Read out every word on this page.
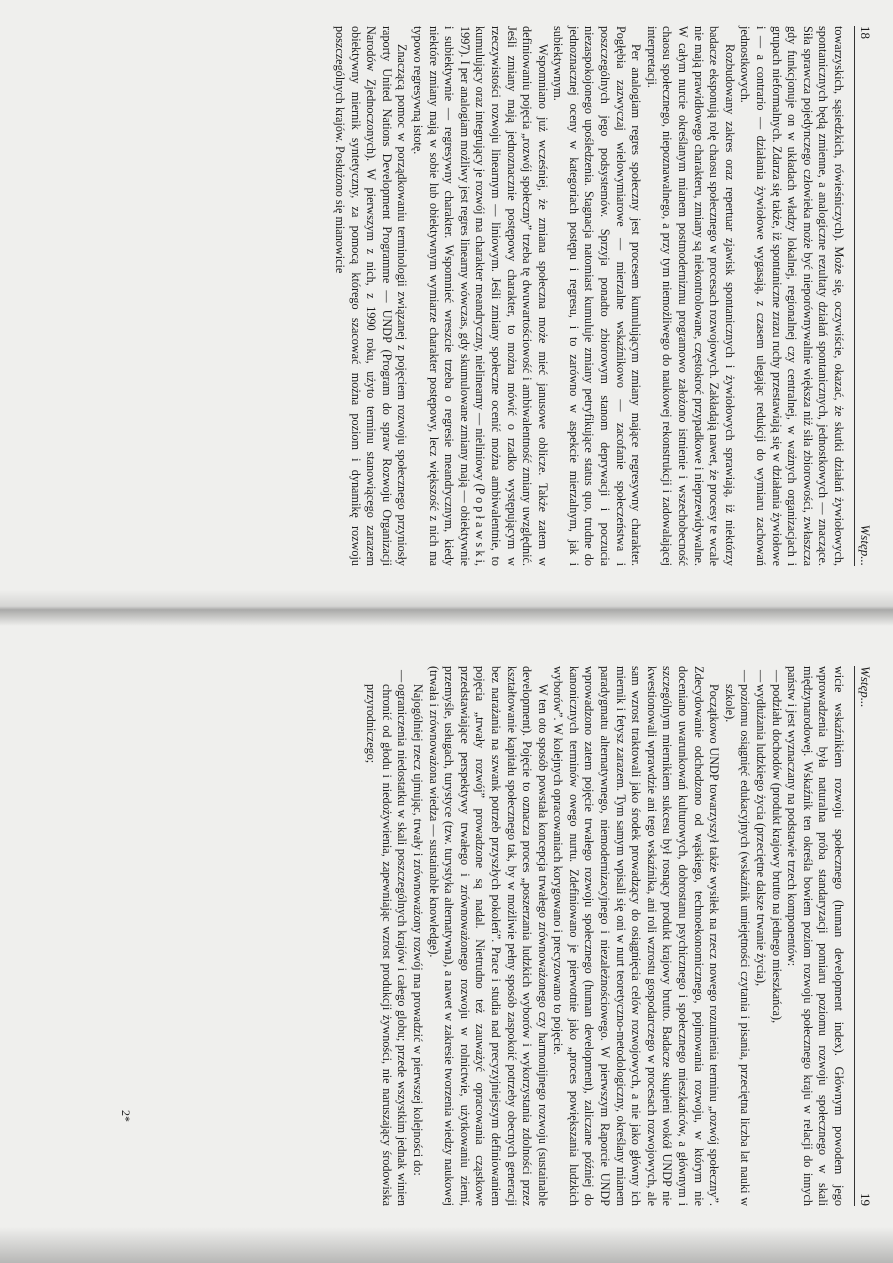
18
Wstęp...

towarzyskich, sąsiedzkich, rówieśniczych). Może się, oczywiście, okazać, że skutki działań żywiołowych, spontanicznych będą zmienne, a analogiczne rezultaty działań spontanicznych, jednostkowych — znaczące. Siła sprawcza pojedynczego człowieka może być nieporównywalnie większa niż siła zbiorowości, zwłaszcza gdy funkcjonuje on w układach władzy lokalnej, regionalnej czy centralnej, w ważnych organizacjach i grupach nieformalnych. Zdarza się także, iż spontaniczne zrazu ruchy przestawiają się w działania żywiołowe i — a contrario — działania żywiołowe wygasają, z czasem ulegając redukcji do wymiaru zachowań jednostkowych.

Rozbudowany zakres oraz repertuar zjawisk spontanicznych i żywiołowych sprawiają, iż niektórzy badacze eksponują rolę chaosu społecznego w procesach rozwojowych. Zakładają nawet, że procesy te wcale nie mają prawidłowego charakteru, zmiany są niekontrolowane, częstokroć przypadkowe i nieprzewidywalne. W całym nurcie określanym mianem postmodernizmu programowo założono istnienie i wszechobecność chaosu społecznego, niepoznawalnego, a przy tym niemożliwego do naukowej rekonstrukcji i zadowalającej interpretacji.

Per analogiam regres społeczny jest procesem kumulującym zmiany mające regresywny charakter. Pogłębia zazwyczaj wielowymiarowe — mierzalne wskaźnikowo — zacofanie społeczeństwa i poszczególnych jego podsystemów. Sprzyja ponadto zbiorowym stanom deprywacji i poczucia niezaspokojonego upośledzenia. Stagnacja natomiast kumuluje zmiany petryfikujące status quo, trudne do jednoznacznej oceny w kategoriach postępu i regresu, i to zarówno w aspekcie mierzalnym, jak i subiektywnym.

Wspomniano już wcześniej, że zmiana społeczna może mieć janusowe oblicze. Także zatem w definiowaniu pojęcia „rozwój społeczny” trzeba tę dwuwartościowość i ambiwalentność zmiany uwzględnić. Jeśli zmiany mają jednoznacznie postępowy charakter, to można mówić o rzadko występującym w rzeczywistości rozwoju linearnym — liniowym. Jeśli zmiany społeczne ocenić można ambiwalentnie, to kumulujący oraz integrujący je rozwój ma charakter meandryczny, nielinearny — nieliniowy (P o p ł a w s k i, 1997). I per analogiam możliwy jest regres linearny wówczas, gdy skumulowane zmiany mają — obiektywnie i subiektywnie — regresywny charakter. Wspomnieć wreszcie trzeba o regresie meandrycznym, kiedy niektóre zmiany mają w sobie lub obiektywnym wymiarze charakter postępowy, lecz większość z nich ma typowo regresywną istotę.

Znaczącą pomoc w porządkowaniu terminologii związanej z pojęciem rozwoju społecznego przyniosły raporty United Nations Development Programme — UNDP (Program do spraw Rozwoju Organizacji Narodów Zjednoczonych). W pierwszym z nich, z 1990 roku, użyto terminu stanowiącego zarazem obiektywny miernik syntetyczny, za pomocą którego szacować można poziom i dynamikę rozwoju poszczególnych krajów. Posłużono się mianowicie

Wstęp...
19

wicie wskaźnikiem rozwoju społecznego (human development index). Głównym powodem jego wprowadzenia była naturalna próba standaryzacji pomiaru poziomu rozwoju społecznego w skali międzynarodowej. Wskaźnik ten określa bowiem poziom rozwoju społecznego kraju w relacji do innych państw i jest wyznaczany na podstawie trzech komponentów:

— podziału dochodów (produkt krajowy brutto na jednego mieszkańca),
— wydłużania ludzkiego życia (przeciętne dalsze trwanie życia),
— poziomu osiągnięć edukacyjnych (wskaźnik umiejętności czytania i pisania, przeciętna liczba lat nauki w szkole).

Początkowo UNDP towarzyszył także wysiłek na rzecz nowego rozumienia terminu „rozwój społeczny”. Zdecydowanie odchodzono od wąskiego, technoekonomicznego, pojmowania rozwoju, w którym nie doceniano uwarunkowań kulturowych, dobrostanu psychicznego i społecznego mieszkańców, a głównym i szczególnym miernikiem sukcesu był rosnący produkt krajowy brutto. Badacze skupieni wokół UNDP nie kwestionowali wprawdzie ani tego wskaźnika, ani roli wzrostu gospodarczego w procesach rozwojowych, ale sam wzrost traktowali jako środek prowadzący do osiągnięcia celów rozwojowych, a nie jako główny ich miernik i fetysz zarazem. Tym samym wpisali się oni w nurt teoretyczno-metodologiczny, określany mianem paradygmatu alternatywnego, niemodernizacyjnego i niezależnościowego. W pierwszym Raporcie UNDP wprowadzono zatem pojęcie trwałego rozwoju społecznego (human development), zaliczane później do kanonicznych terminów owego nurtu. Zdefiniowano je pierwotnie jako „proces powiększania ludzkich wyborów”. W kolejnych opracowaniach korygowano i precyzowano to pojęcie.

W ten oto sposób powstała koncepcja trwałego zrównoważonego czy harmonijnego rozwoju (sustainable development). Pojęcie to oznacza proces „poszerzania ludzkich wyborów i wykorzystania zdolności przez kształtowanie kapitału społecznego tak, by w możliwie pełny sposób zaspokoić potrzeby obecnych generacji bez narażania na szwank potrzeb przyszłych pokoleń”. Prace i studia nad precyzyjniejszym definiowaniem pojęcia „trwały rozwój” prowadzone są nadal. Nietrudno też zauważyć opracowania cząstkowe przedstawiające perspektywy trwałego i zrównoważonego rozwoju w rolnictwie, użytkowaniu ziemi, przemyśle, usługach, turystyce (tzw. turystyka alternatywna), a nawet w zakresie tworzenia wiedzy naukowej (trwała i zrównoważona wiedza — sustainable knowledge).

Najogólniej rzecz ujmując, trwały i zrównoważony rozwój ma prowadzić w pierwszej kolejności do:

— ograniczenia niedostatku w skali poszczególnych krajów i całego globu; przede wszystkim jednak winien chronić od głodu i niedożywienia, zapewniając wzrost produkcji żywności, nie naruszający środowiska przyrodniczego;
2*
